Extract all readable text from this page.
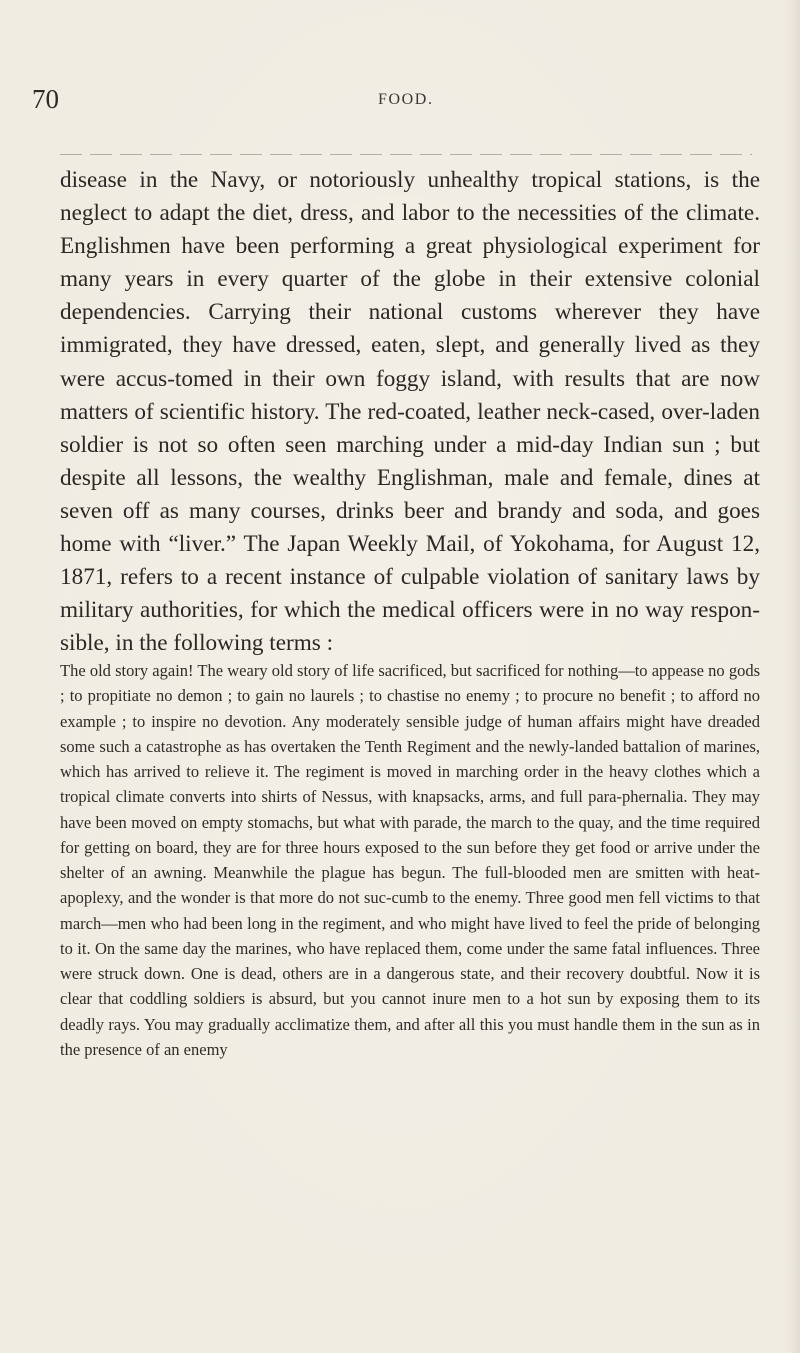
70	FOOD.

disease in the Navy, or notoriously unhealthy tropical stations, is the neglect to adapt the diet, dress, and labor to the necessities of the climate. Englishmen have been performing a great physiological experiment for many years in every quarter of the globe in their extensive colonial dependencies. Carrying their national customs wherever they have immigrated, they have dressed, eaten, slept, and generally lived as they were accus-tomed in their own foggy island, with results that are now matters of scientific history. The red-coated, leather neck-cased, over-laden soldier is not so often seen marching under a mid-day Indian sun ; but despite all lessons, the wealthy Englishman, male and female, dines at seven off as many courses, drinks beer and brandy and soda, and goes home with “liver.” The Japan Weekly Mail, of Yokohama, for August 12, 1871, refers to a recent instance of culpable violation of sanitary laws by military authorities, for which the medical officers were in no way respon-sible, in the following terms :

The old story again! The weary old story of life sacrificed, but sacrificed for nothing—to appease no gods ; to propitiate no demon ; to gain no laurels ; to chastise no enemy ; to procure no benefit ; to afford no example ; to inspire no devotion. Any moderately sensible judge of human affairs might have dreaded some such a catastrophe as has overtaken the Tenth Regiment and the newly-landed battalion of marines, which has arrived to relieve it. The regiment is moved in marching order in the heavy clothes which a tropical climate converts into shirts of Nessus, with knapsacks, arms, and full para-phernalia. They may have been moved on empty stomachs, but what with parade, the march to the quay, and the time required for getting on board, they are for three hours exposed to the sun before they get food or arrive under the shelter of an awning. Meanwhile the plague has begun. The full-blooded men are smitten with heat-apoplexy, and the wonder is that more do not suc-cumb to the enemy. Three good men fell victims to that march—men who had been long in the regiment, and who might have lived to feel the pride of belonging to it. On the same day the marines, who have replaced them, come under the same fatal influences. Three were struck down. One is dead, others are in a dangerous state, and their recovery doubtful. Now it is clear that coddling soldiers is absurd, but you cannot inure men to a hot sun by exposing them to its deadly rays. You may gradually acclimatize them, and after all this you must handle them in the sun as in the presence of an enemy
